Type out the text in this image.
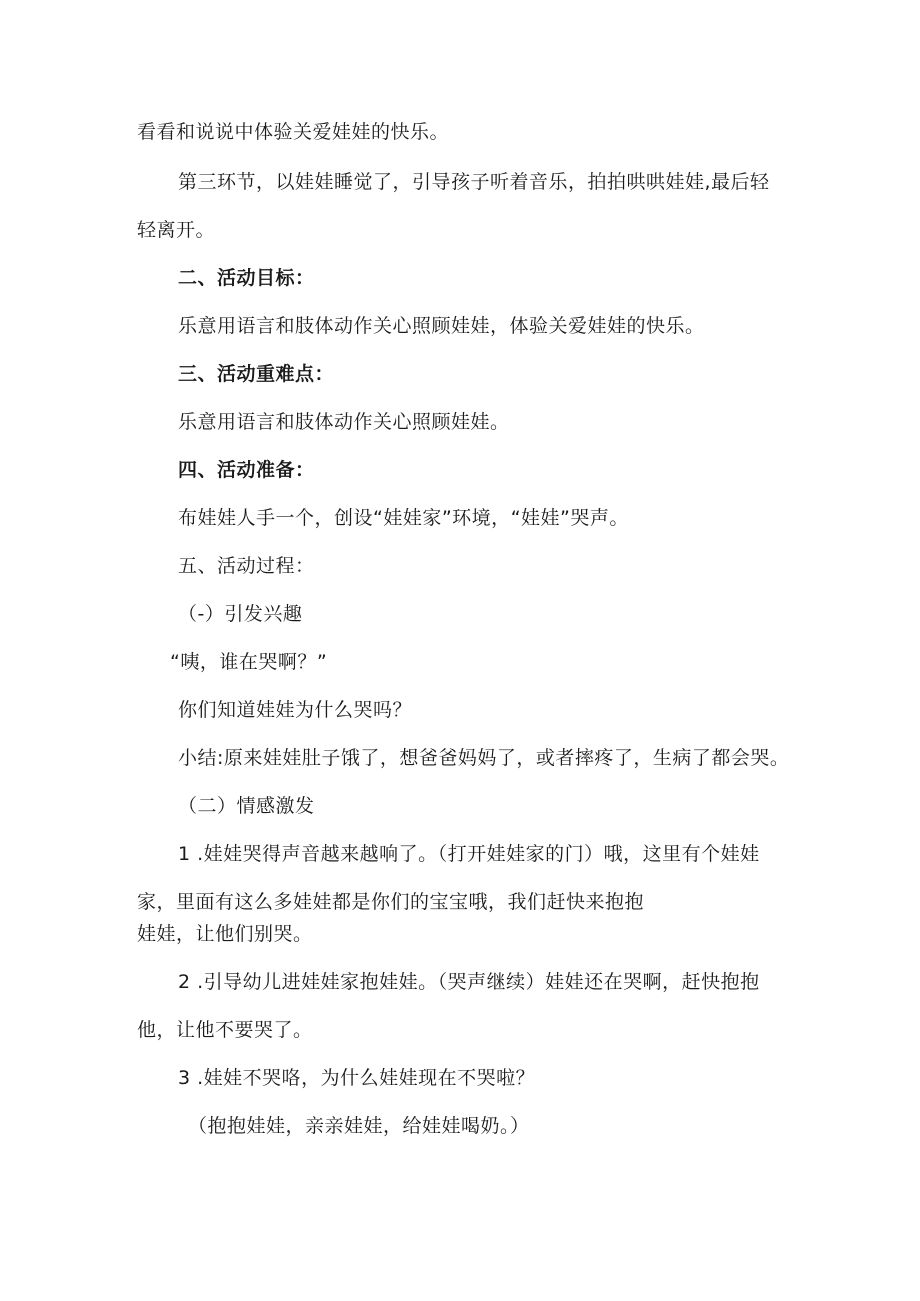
看看和说说中体验关爱娃娃的快乐。
第三环节，以娃娃睡觉了，引导孩子听着音乐，拍拍哄哄娃娃,最后轻
轻离开。
二、活动目标：
乐意用语言和肢体动作关心照顾娃娃，体验关爱娃娃的快乐。
三、活动重难点：
乐意用语言和肢体动作关心照顾娃娃。
四、活动准备：
布娃娃人手一个，创设“娃娃家”环境，“娃娃”哭声。
五、活动过程：
（-）引发兴趣
“咦，谁在哭啊？”
你们知道娃娃为什么哭吗？
小结:原来娃娃肚子饿了，想爸爸妈妈了，或者摔疼了，生病了都会哭。
（二）情感激发
1 .娃娃哭得声音越来越响了。（打开娃娃家的门）哦，这里有个娃娃
家，里面有这么多娃娃都是你们的宝宝哦，我们赶快来抱抱
娃娃，让他们别哭。
2 .引导幼儿进娃娃家抱娃娃。（哭声继续）娃娃还在哭啊，赶快抱抱
他，让他不要哭了。
3 .娃娃不哭咯，为什么娃娃现在不哭啦？
（抱抱娃娃，亲亲娃娃，给娃娃喝奶。）
